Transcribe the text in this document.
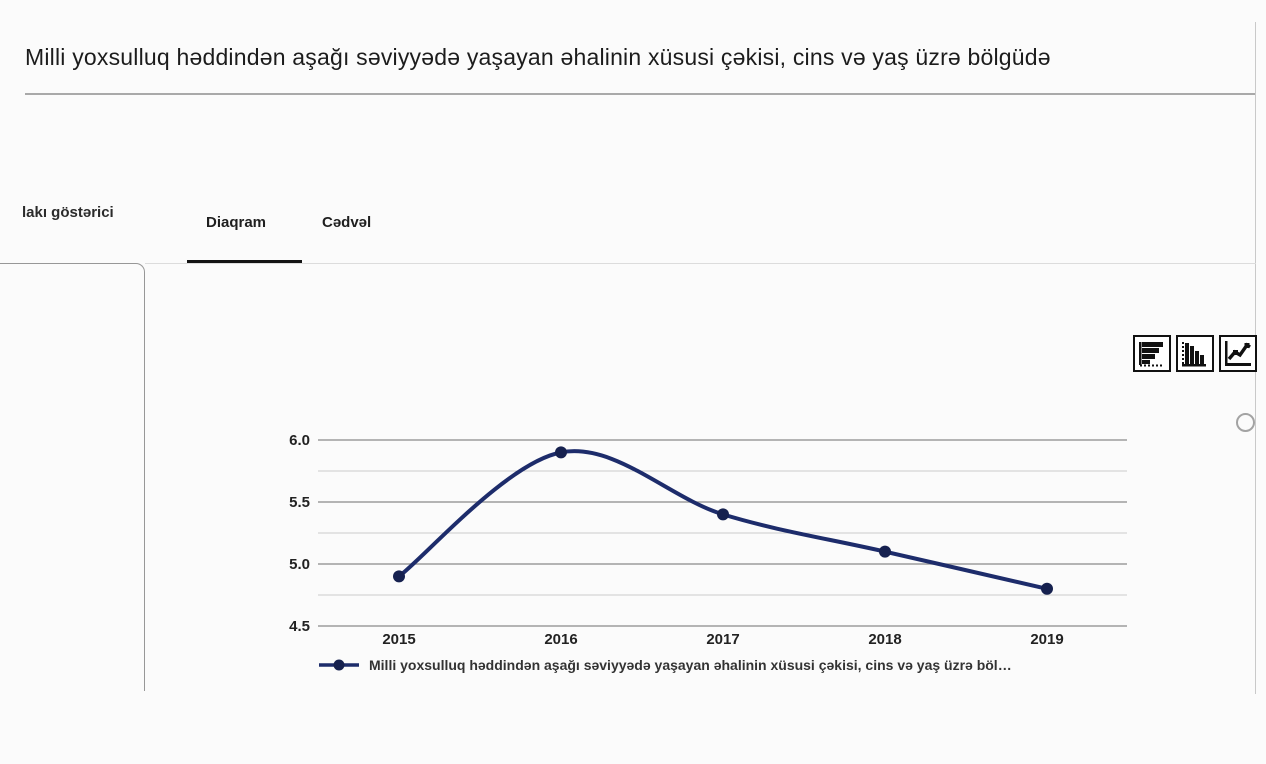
Milli yoxsulluq həddindən aşağı səviyyədə yaşayan əhalinin xüsusi çəkisi, cins və yaş üzrə bölgüdə
lakı göstərici
Diaqram	Cədvəl
6.0
5.5
5.0
4.5
2015	2016	2017	2018	2019
Milli yoxsulluq həddindən aşağı səviyyədə yaşayan əhalinin xüsusi çəkisi, cins və yaş üzrə böl…
